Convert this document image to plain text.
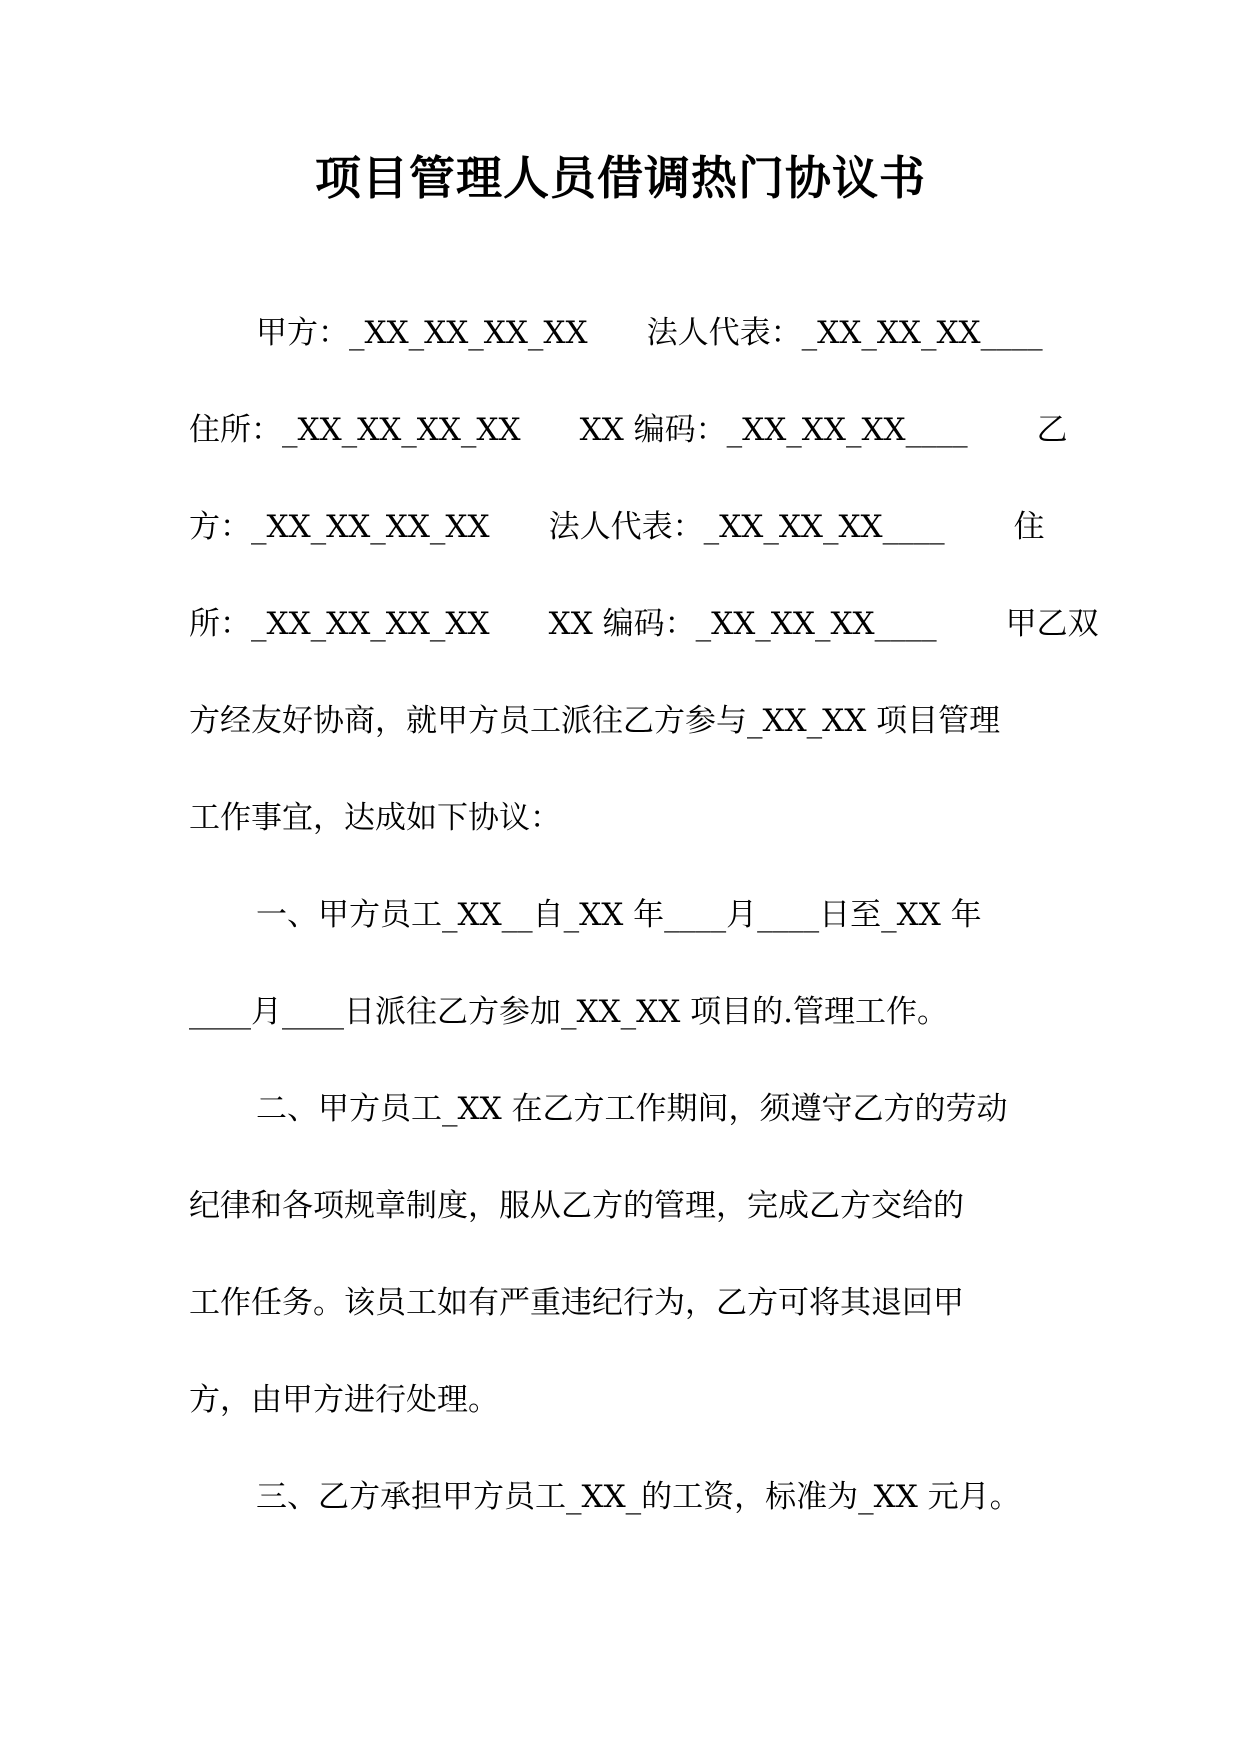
项目管理人员借调热门协议书

甲方：_XX_XX_XX_XX      法人代表：_XX_XX_XX____

住所：_XX_XX_XX_XX      XX 编码：_XX_XX_XX____       乙

方：_XX_XX_XX_XX      法人代表：_XX_XX_XX____       住

所：_XX_XX_XX_XX      XX 编码：_XX_XX_XX____       甲乙双

方经友好协商，就甲方员工派往乙方参与_XX_XX 项目管理

工作事宜，达成如下协议：

一、甲方员工_XX__自_XX 年____月____日至_XX 年

____月____日派往乙方参加_XX_XX 项目的.管理工作。

二、甲方员工_XX 在乙方工作期间，须遵守乙方的劳动

纪律和各项规章制度，服从乙方的管理，完成乙方交给的

工作任务。该员工如有严重违纪行为，乙方可将其退回甲

方，由甲方进行处理。

三、乙方承担甲方员工_XX_的工资，标准为_XX 元月。
